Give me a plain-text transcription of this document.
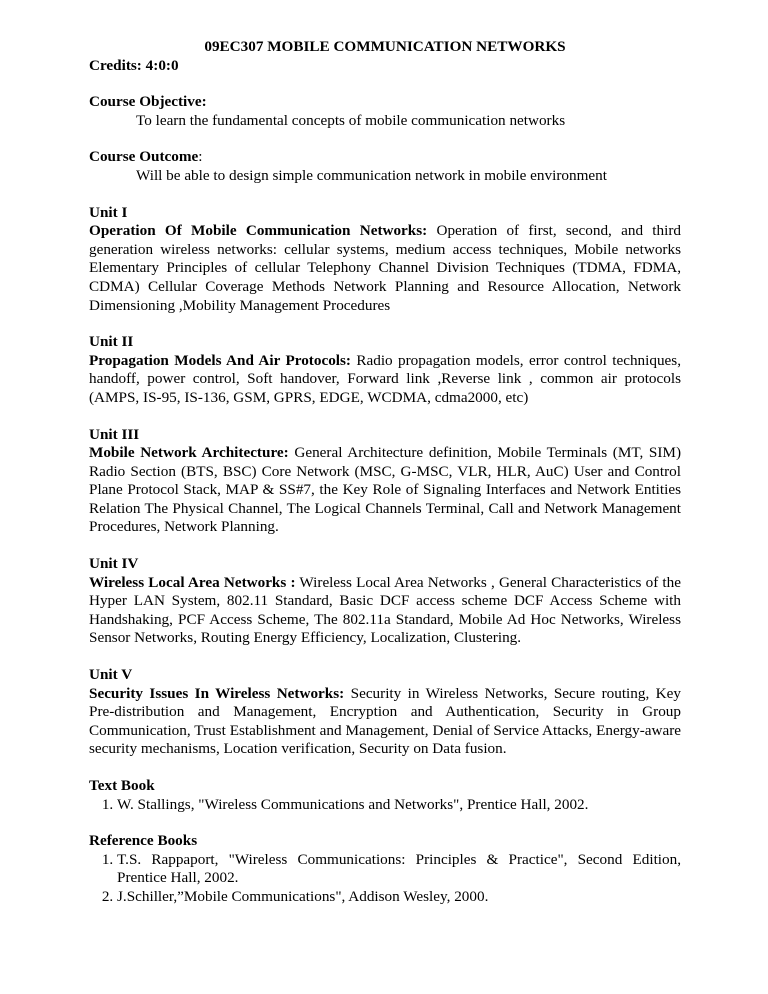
09EC307 MOBILE COMMUNICATION NETWORKS
Credits: 4:0:0
Course Objective:
To learn the fundamental concepts of mobile communication networks
Course Outcome:
Will be able to design simple communication network in mobile environment
Unit I
Operation Of Mobile Communication Networks: Operation of first, second, and third generation wireless networks: cellular systems, medium access techniques, Mobile networks Elementary Principles of cellular Telephony Channel Division Techniques (TDMA, FDMA, CDMA) Cellular Coverage Methods Network Planning and Resource Allocation, Network Dimensioning ,Mobility Management Procedures
Unit II
Propagation Models And Air Protocols: Radio propagation models, error control techniques, handoff, power control, Soft handover, Forward link ,Reverse link , common air protocols (AMPS, IS-95, IS-136, GSM, GPRS, EDGE, WCDMA, cdma2000, etc)
Unit III
Mobile Network Architecture: General Architecture definition, Mobile Terminals (MT, SIM) Radio Section (BTS, BSC) Core Network (MSC, G-MSC, VLR, HLR, AuC) User and Control Plane Protocol Stack, MAP & SS#7, the Key Role of Signaling Interfaces and Network Entities Relation The Physical Channel, The Logical Channels Terminal, Call and Network Management Procedures, Network Planning.
Unit IV
Wireless Local Area Networks : Wireless Local Area Networks , General Characteristics of the Hyper LAN System, 802.11 Standard, Basic DCF access scheme DCF Access Scheme with Handshaking, PCF Access Scheme, The 802.11a Standard, Mobile Ad Hoc Networks, Wireless Sensor Networks, Routing Energy Efficiency, Localization, Clustering.
Unit V
Security Issues In Wireless Networks: Security in Wireless Networks, Secure routing, Key Pre-distribution and Management, Encryption and Authentication, Security in Group Communication, Trust Establishment and Management, Denial of Service Attacks, Energy-aware security mechanisms, Location verification, Security on Data fusion.
Text Book
1. W. Stallings, "Wireless Communications and Networks", Prentice Hall, 2002.
Reference Books
1. T.S. Rappaport, "Wireless Communications: Principles & Practice", Second Edition, Prentice Hall, 2002.
2. J.Schiller,”Mobile Communications", Addison Wesley, 2000.
